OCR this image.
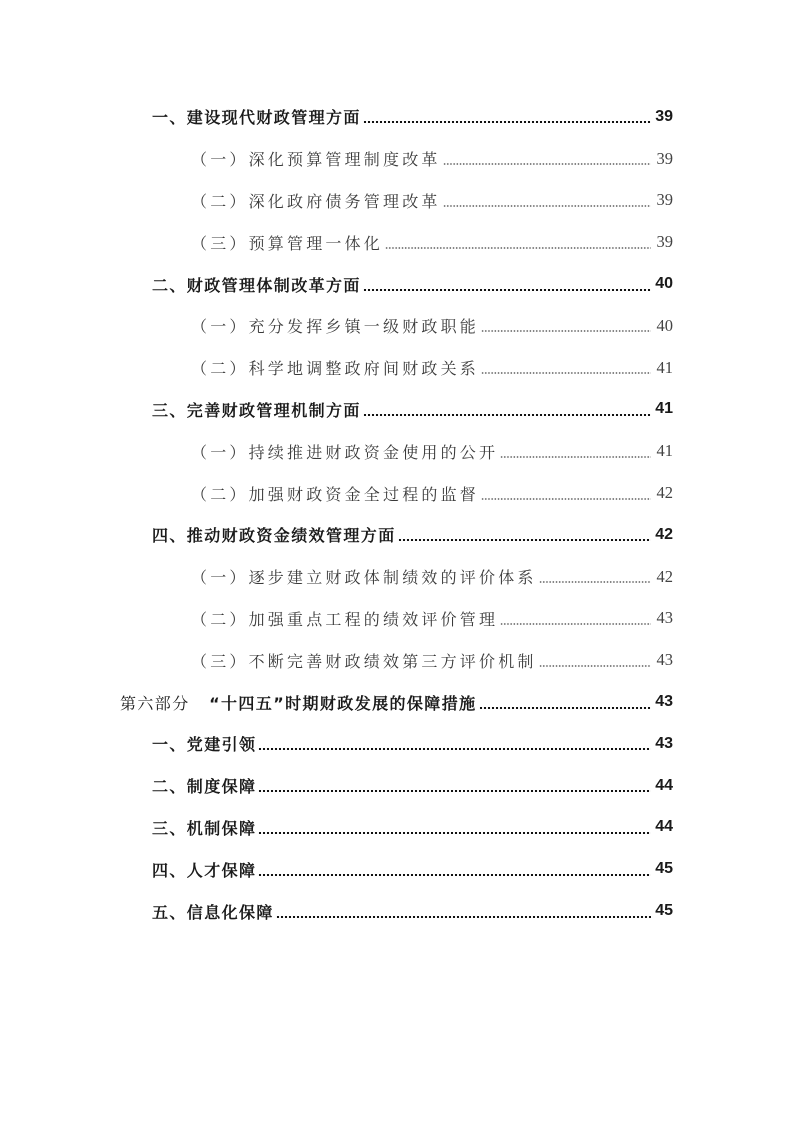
一、建设现代财政管理方面	39
（一）深化预算管理制度改革	39
（二）深化政府债务管理改革	39
（三）预算管理一体化	39
二、财政管理体制改革方面	40
（一）充分发挥乡镇一级财政职能	40
（二）科学地调整政府间财政关系	41
三、完善财政管理机制方面	41
（一）持续推进财政资金使用的公开	41
（二）加强财政资金全过程的监督	42
四、推动财政资金绩效管理方面	42
（一）逐步建立财政体制绩效的评价体系	42
（二）加强重点工程的绩效评价管理	43
（三）不断完善财政绩效第三方评价机制	43
第六部分 “十四五”时期财政发展的保障措施	43
一、党建引领	43
二、制度保障	44
三、机制保障	44
四、人才保障	45
五、信息化保障	45
